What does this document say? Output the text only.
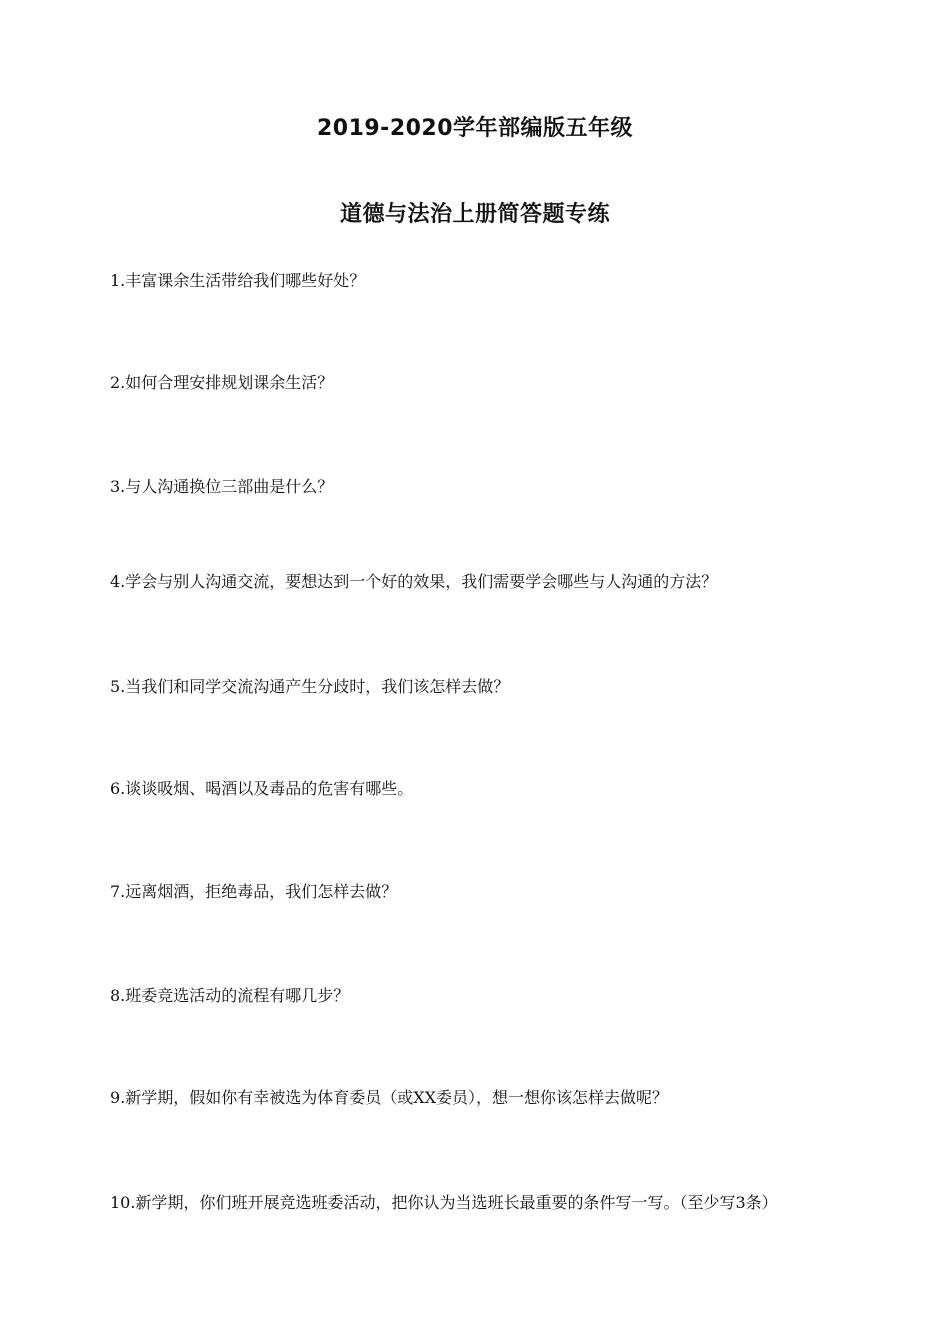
2019-2020学年部编版五年级
道德与法治上册简答题专练
1.丰富课余生活带给我们哪些好处？
2.如何合理安排规划课余生活？
3.与人沟通换位三部曲是什么？
4.学会与别人沟通交流，要想达到一个好的效果，我们需要学会哪些与人沟通的方法？
5.当我们和同学交流沟通产生分歧时，我们该怎样去做？
6.谈谈吸烟、喝酒以及毒品的危害有哪些。
7.远离烟酒，拒绝毒品，我们怎样去做？
8.班委竞选活动的流程有哪几步？
9.新学期，假如你有幸被选为体育委员（或XX委员），想一想你该怎样去做呢？
10.新学期，你们班开展竞选班委活动，把你认为当选班长最重要的条件写一写。（至少写3条）
